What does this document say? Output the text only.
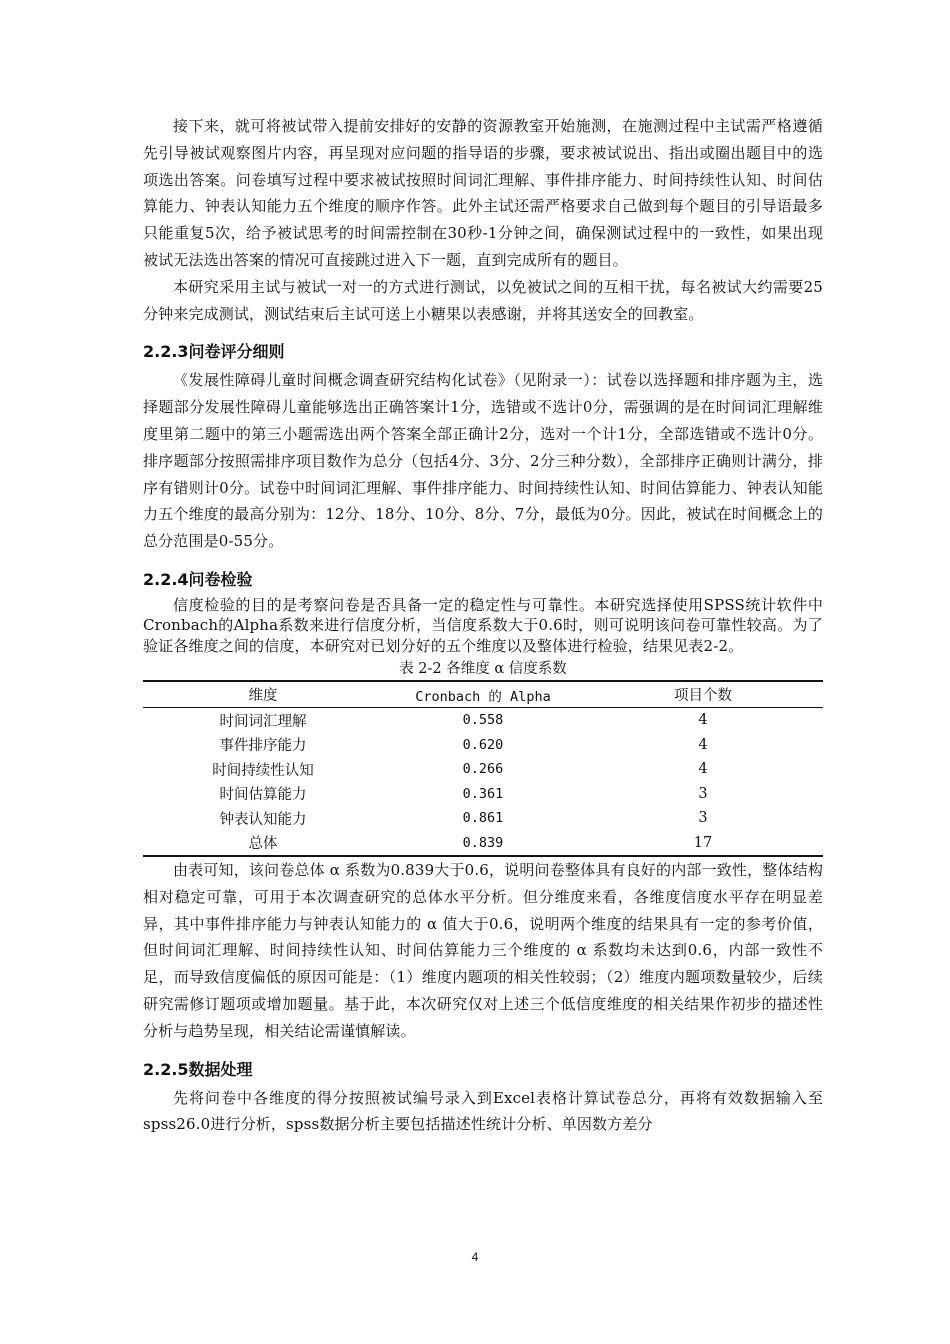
接下来，就可将被试带入提前安排好的安静的资源教室开始施测，在施测过程中主试需严格遵循先引导被试观察图片内容，再呈现对应问题的指导语的步骤，要求被试说出、指出或圈出题目中的选项选出答案。问卷填写过程中要求被试按照时间词汇理解、事件排序能力、时间持续性认知、时间估算能力、钟表认知能力五个维度的顺序作答。此外主试还需严格要求自己做到每个题目的引导语最多只能重复5次，给予被试思考的时间需控制在30秒-1分钟之间，确保测试过程中的一致性，如果出现被试无法选出答案的情况可直接跳过进入下一题，直到完成所有的题目。

本研究采用主试与被试一对一的方式进行测试，以免被试之间的互相干扰，每名被试大约需要25分钟来完成测试，测试结束后主试可送上小糖果以表感谢，并将其送安全的回教室。

2.2.3问卷评分细则

《发展性障碍儿童时间概念调查研究结构化试卷》（见附录一）：试卷以选择题和排序题为主，选择题部分发展性障碍儿童能够选出正确答案计1分，选错或不选计0分，需强调的是在时间词汇理解维度里第二题中的第三小题需选出两个答案全部正确计2分，选对一个计1分，全部选错或不选计0分。排序题部分按照需排序项目数作为总分（包括4分、3分、2分三种分数），全部排序正确则计满分，排序有错则计0分。试卷中时间词汇理解、事件排序能力、时间持续性认知、时间估算能力、钟表认知能力五个维度的最高分别为：12分、18分、10分、8分、7分，最低为0分。因此，被试在时间概念上的总分范围是0-55分。

2.2.4问卷检验

信度检验的目的是考察问卷是否具备一定的稳定性与可靠性。本研究选择使用SPSS统计软件中Cronbach的Alpha系数来进行信度分析，当信度系数大于0.6时，则可说明该问卷可靠性较高。为了验证各维度之间的信度，本研究对已划分好的五个维度以及整体进行检验，结果见表2-2。

表 2-2 各维度 α 信度系数
维度	Cronbach 的 Alpha	项目个数
时间词汇理解	0.558	4
事件排序能力	0.620	4
时间持续性认知	0.266	4
时间估算能力	0.361	3
钟表认知能力	0.861	3
总体	0.839	17

由表可知，该问卷总体 α 系数为0.839大于0.6，说明问卷整体具有良好的内部一致性，整体结构相对稳定可靠，可用于本次调查研究的总体水平分析。但分维度来看，各维度信度水平存在明显差异，其中事件排序能力与钟表认知能力的 α 值大于0.6，说明两个维度的结果具有一定的参考价值，但时间词汇理解、时间持续性认知、时间估算能力三个维度的 α 系数均未达到0.6，内部一致性不足，而导致信度偏低的原因可能是：（1）维度内题项的相关性较弱；（2）维度内题项数量较少，后续研究需修订题项或增加题量。基于此，本次研究仅对上述三个低信度维度的相关结果作初步的描述性分析与趋势呈现，相关结论需谨慎解读。

2.2.5数据处理

先将问卷中各维度的得分按照被试编号录入到Excel表格计算试卷总分，再将有效数据输入至spss26.0进行分析，spss数据分析主要包括描述性统计分析、单因数方差分

4
